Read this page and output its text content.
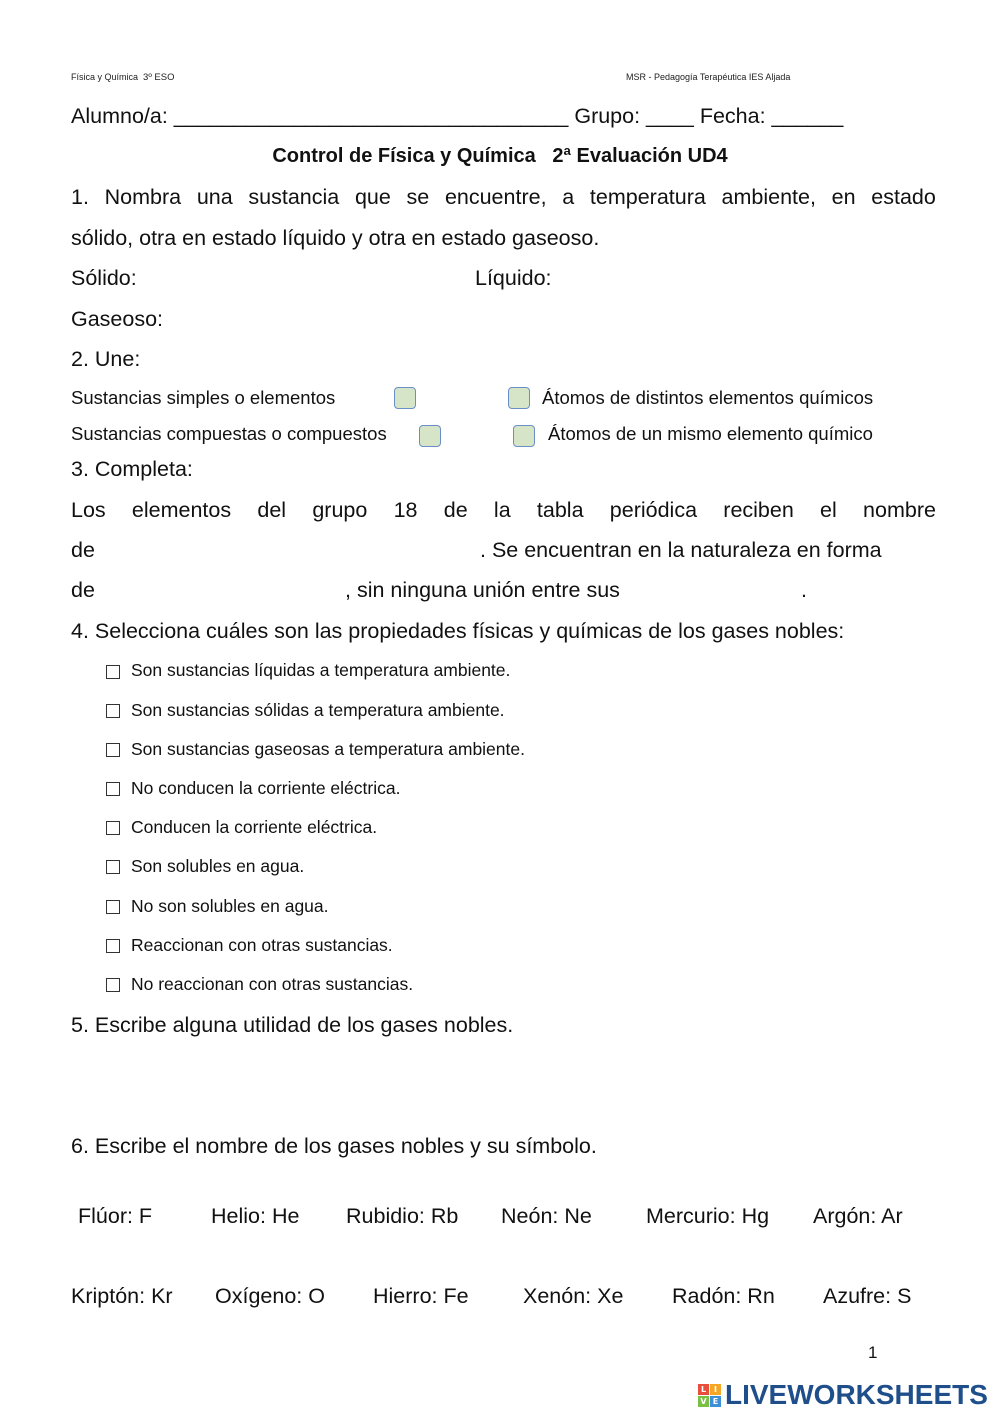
Física y Química 3º ESO	MSR - Pedagogía Terapéutica IES Aljada
Alumno/a: _________________________________ Grupo: ____ Fecha: ______
Control de Física y Química   2ª Evaluación UD4
1. Nombra una sustancia que se encuentre, a temperatura ambiente, en estado
sólido, otra en estado líquido y otra en estado gaseoso.
Sólido:	Líquido:
Gaseoso:
2. Une:
Sustancias simples o elementos	Átomos de distintos elementos químicos
Sustancias compuestas o compuestos	Átomos de un mismo elemento químico
3. Completa:
Los elementos del grupo 18 de la tabla periódica reciben el nombre
de	. Se encuentran en la naturaleza en forma
de	, sin ninguna unión entre sus	.
4. Selecciona cuáles son las propiedades físicas y químicas de los gases nobles:
Son sustancias líquidas a temperatura ambiente.
Son sustancias sólidas a temperatura ambiente.
Son sustancias gaseosas a temperatura ambiente.
No conducen la corriente eléctrica.
Conducen la corriente eléctrica.
Son solubles en agua.
No son solubles en agua.
Reaccionan con otras sustancias.
No reaccionan con otras sustancias.
5. Escribe alguna utilidad de los gases nobles.
6. Escribe el nombre de los gases nobles y su símbolo.
Flúor: F	Helio: He Rubidio: Rb Neón: Ne	Mercurio: Hg Argón: Ar
Kriptón: Kr Oxígeno: O Hierro: Fe	Xenón: Xe Radón: Rn Azufre: S
1
L I
V E LIVEWORKSHEETS
